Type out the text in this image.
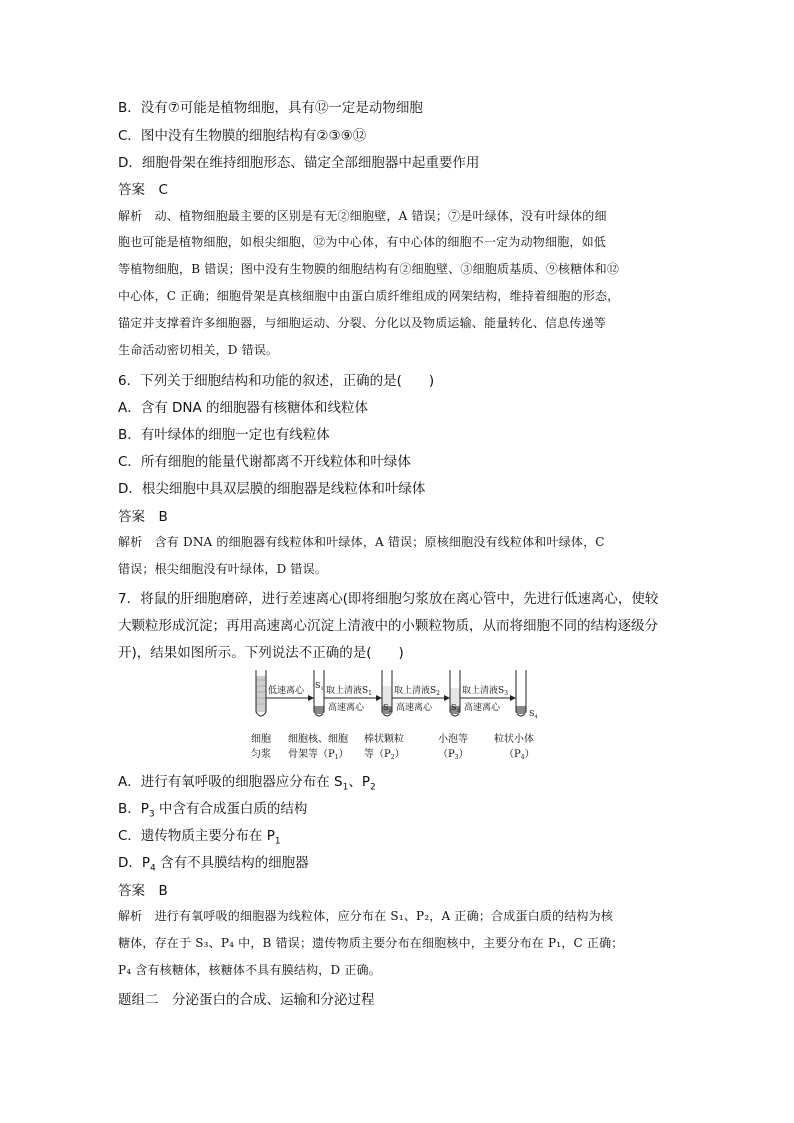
B．没有⑦可能是植物细胞，具有⑫一定是动物细胞
C．图中没有生物膜的细胞结构有②③⑨⑫
D．细胞骨架在维持细胞形态、锚定全部细胞器中起重要作用
答案　C
解析　动、植物细胞最主要的区别是有无②细胞壁，A 错误；⑦是叶绿体，没有叶绿体的细
胞也可能是植物细胞，如根尖细胞，⑫为中心体，有中心体的细胞不一定为动物细胞，如低
等植物细胞，B 错误；图中没有生物膜的细胞结构有②细胞壁、③细胞质基质、⑨核糖体和⑫
中心体，C 正确；细胞骨架是真核细胞中由蛋白质纤维组成的网架结构，维持着细胞的形态，
锚定并支撑着许多细胞器，与细胞运动、分裂、分化以及物质运输、能量转化、信息传递等
生命活动密切相关，D 错误。
6．下列关于细胞结构和功能的叙述，正确的是(　　)
A．含有 DNA 的细胞器有核糖体和线粒体
B．有叶绿体的细胞一定也有线粒体
C．所有细胞的能量代谢都离不开线粒体和叶绿体
D．根尖细胞中具双层膜的细胞器是线粒体和叶绿体
答案　B
解析　含有 DNA 的细胞器有线粒体和叶绿体，A 错误；原核细胞没有线粒体和叶绿体，C
错误；根尖细胞没有叶绿体，D 错误。
7．将鼠的肝细胞磨碎，进行差速离心(即将细胞匀浆放在离心管中，先进行低速离心，使较
大颗粒形成沉淀；再用高速离心沉淀上清液中的小颗粒物质，从而将细胞不同的结构逐级分
开)，结果如图所示。下列说法不正确的是(　　)
低速离心
$S_1$ 取上清液$S_1$
高速离心 $S_2$
取上清液$S_2$
高速离心 $S_3$
取上清液$S_3$
高速离心
$S_4$
细胞
匀浆
细胞核、细胞
骨架等$(P_1)$
棒状颗粒
等$(P_2)$
小泡等
$(P_3)$
粒状小体
$(P_4)$
A．进行有氧呼吸的细胞器应分布在 $S_1$、$P_2$
B．$P_3$ 中含有合成蛋白质的结构
C．遗传物质主要分布在 $P_1$
D．$P_4$ 含有不具膜结构的细胞器
答案　B
解析　进行有氧呼吸的细胞器为线粒体，应分布在 S₁、P₂，A 正确；合成蛋白质的结构为核
糖体，存在于 S₃、P₄ 中，B 错误；遗传物质主要分布在细胞核中，主要分布在 P₁，C 正确；
P₄ 含有核糖体，核糖体不具有膜结构，D 正确。
题组二　分泌蛋白的合成、运输和分泌过程
